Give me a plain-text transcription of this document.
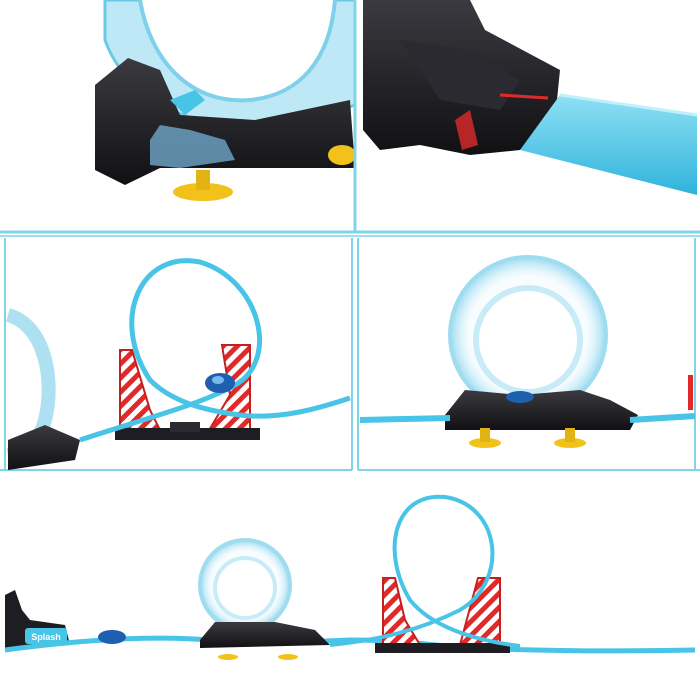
Splash
